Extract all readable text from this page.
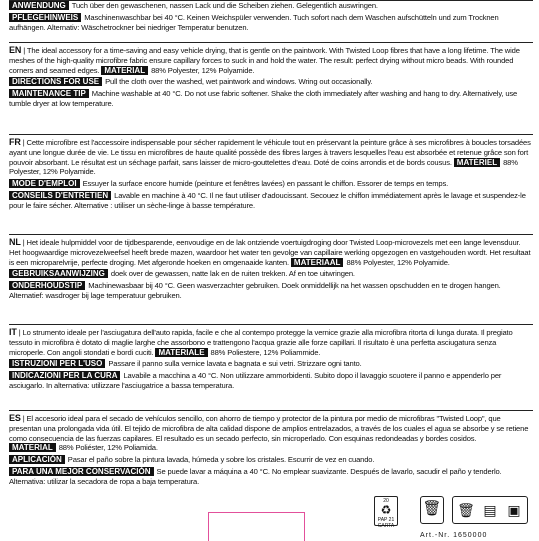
ANWENDUNG Tuch über den gewaschenen, nassen Lack und die Scheiben ziehen. Gelegentlich auswringen.

PFLEGEHINWEIS Maschinenwaschbar bei 40 °C. Keinen Weichspüler verwenden. Tuch sofort nach dem Waschen aufschütteln und zum Trocknen aufhängen. Alternativ: Wäschetrockner bei niedriger Temperatur benutzen.

EN | The ideal accessory for a time-saving and easy vehicle drying, that is gentle on the paintwork. With Twisted Loop fibres that have a long lifetime. The wide meshes of the high-quality microfibre fabric ensure capillary forces to suck in and hold the water. The result: perfect drying without micro beads. With rounded corners and seamed edges. MATERIAL 88% Polyester, 12% Polyamide.

DIRECTIONS FOR USE Pull the cloth over the washed, wet paintwork and windows. Wring out occasionally.

MAINTENANCE TIP Machine washable at 40 °C. Do not use fabric softener. Shake the cloth immediately after washing and hang to dry. Alternatively, use tumble dryer at low temperature.

FR | Cette microfibre est l'accessoire indispensable pour sécher rapidement le véhicule tout en préservant la peinture grâce à ses microfibres à boucles torsadées ayant une longue durée de vie. Le tissu en microfibres de haute qualité possède des fibres larges à travers lesquelles l'eau est absorbée et retenue grâce son fort pouvoir absorbant. Le résultat est un séchage parfait, sans laisser de micro-gouttelettes d'eau. Doté de coins arrondis et de bords cousus. MATÉRIEL 88% Polyester, 12% Polyamide.

MODE D'EMPLOI Essuyer la surface encore humide (peinture et fenêtres lavées) en passant le chiffon. Essorer de temps en temps.

CONSEILS D'ENTRETIEN Lavable en machine à 40 °C. Il ne faut utiliser d'adoucissant. Secouez le chiffon immédiatement après le lavage et suspendez-le pour le faire sécher. Alternative : utiliser un sèche-linge à basse température.

NL | Het ideale hulpmiddel voor de tijdbesparende, eenvoudige en de lak ontziende voertuigdroging door Twisted Loop-microvezels met een lange levensduur. Het hoogwaardige microvezelweefsel heeft brede mazen, waardoor het water ten gevolge van capillaire werking opgezogen en vastgehouden wordt. Het resultaat is een microparelvrije, perfecte droging. Met afgeronde hoeken en omgenaaide kanten. MATERIAAL 88% Polyester, 12% Polyamide.

GEBRUIKSAANWIJZING doek over de gewassen, natte lak en de ruiten trekken. Af en toe uitwringen.

ONDERHOUDSTIP Machinewasbaar bij 40 °C. Geen wasverzachter gebruiken. Doek onmiddellijk na het wassen opschudden en te drogen hangen. Alternatief: wasdroger bij lage temperatuur gebruiken.

IT | Lo strumento ideale per l'asciugatura dell'auto rapida, facile e che al contempo protegge la vernice grazie alla microfibra ritorta di lunga durata. Il pregiato tessuto in microfibra è dotato di maglie larghe che assorbono e trattengono l'acqua grazie alle forze capillari. Il risultato è una perfetta asciugatura senza microperle. Con angoli stondati e bordi cuciti. MATERIALE 88% Poliestere, 12% Poliammide.

ISTRUZIONI PER L'USO Passare il panno sulla vernice lavata e bagnata e sui vetri. Strizzare ogni tanto.

INDICAZIONI PER LA CURA Lavabile a macchina a 40 °C. Non utilizzare ammorbidenti. Subito dopo il lavaggio scuotere il panno e appenderlo per asciugarlo. In alternativa: utilizzare l'asciugatrice a bassa temperatura.

ES | El accesorio ideal para el secado de vehículos sencillo, con ahorro de tiempo y protector de la pintura por medio de microfibras "Twisted Loop", que presentan una prolongada vida útil. El tejido de microfibra de alta calidad dispone de amplios entrelazados, a través de los cuales el agua se absorbe y se retiene como consecuencia de las fuerzas capilares. El resultado es un secado perfecto, sin microperlado. Con esquinas redondeadas y bordes cosidos. MATERIAL 88% Poliéster, 12% Poliamida.

APLICACIÓN Pasar el paño sobre la pintura lavada, húmeda y sobre los cristales. Escurrir de vez en cuando.

PARA UNA MEJOR CONSERVACIÓN Se puede lavar a máquina a 40 °C. No emplear suavizante. Después de lavarlo, sacudir el paño y tenderlo. Alternativa: utilizar la secadora de ropa a baja temperatura.

20
♻
PAP 21
CARTA
🗑 🗑 ▤ ▣
Art.-Nr. 1650000
